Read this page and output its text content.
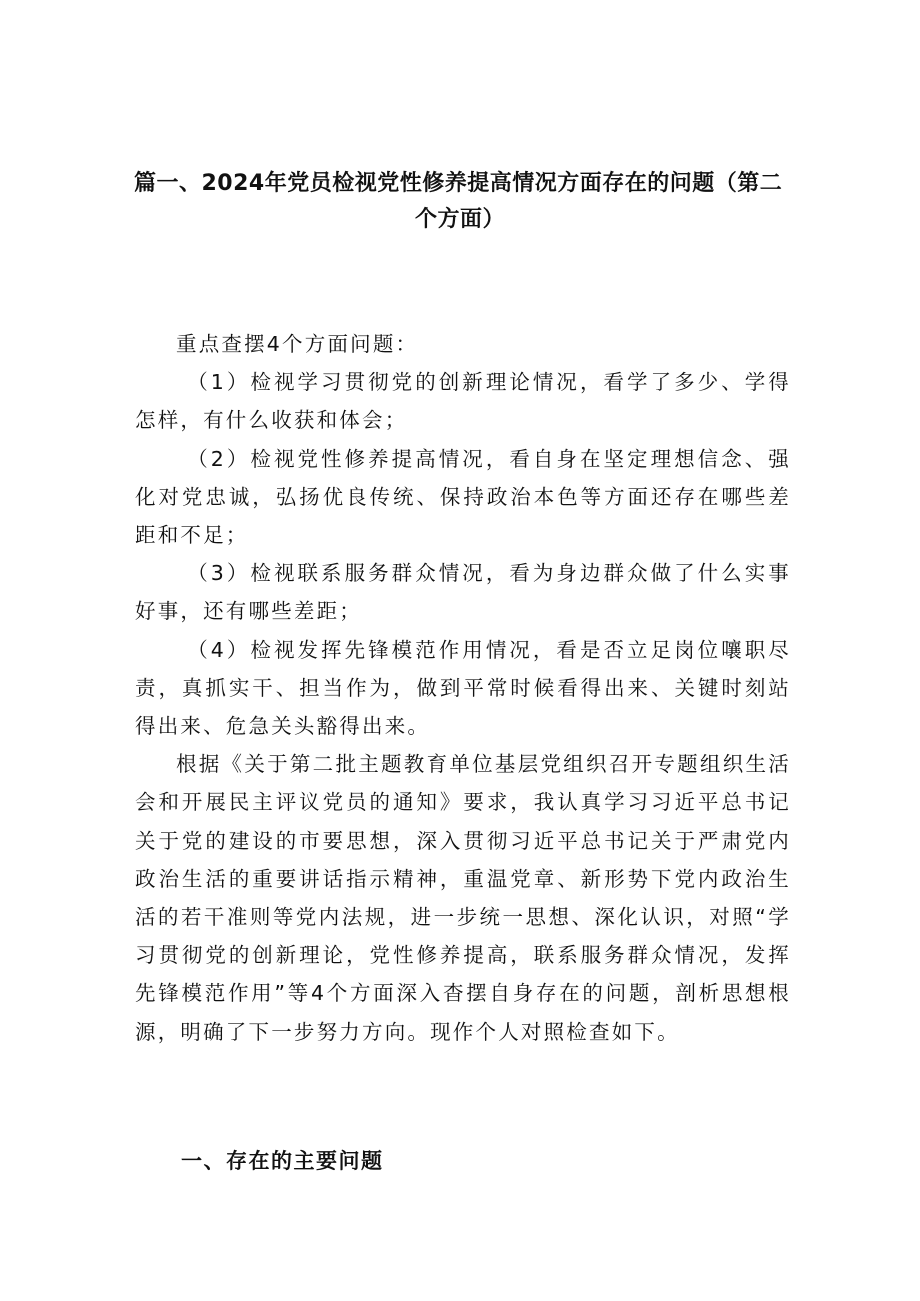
篇一、2024年党员检视党性修养提高情况方面存在的问题（第二
个方面）

重点查摆4个方面问题：

（1）检视学习贯彻党的创新理论情况，看学了多少、学得怎样，有什么收获和体会；

（2）检视党性修养提高情况，看自身在坚定理想信念、强化对党忠诚，弘扬优良传统、保持政治本色等方面还存在哪些差距和不足；

（3）检视联系服务群众情况，看为身边群众做了什么实事好事，还有哪些差距；

（4）检视发挥先锋模范作用情况，看是否立足岗位嚷职尽责，真抓实干、担当作为，做到平常时候看得出来、关键时刻站得出来、危急关头豁得出来。

根据《关于第二批主题教育单位基层党组织召开专题组织生活会和开展民主评议党员的通知》要求，我认真学习习近平总书记关于党的建设的市要思想，深入贯彻习近平总书记关于严肃党内政治生活的重要讲话指示精神，重温党章、新形势下党内政治生活的若干准则等党内法规，进一步统一思想、深化认识，对照“学习贯彻党的创新理论，党性修养提高，联系服务群众情况，发挥先锋模范作用”等4个方面深入杳摆自身存在的问题，剖析思想根源，明确了下一步努力方向。现作个人对照检查如下。

一、存在的主要问题
